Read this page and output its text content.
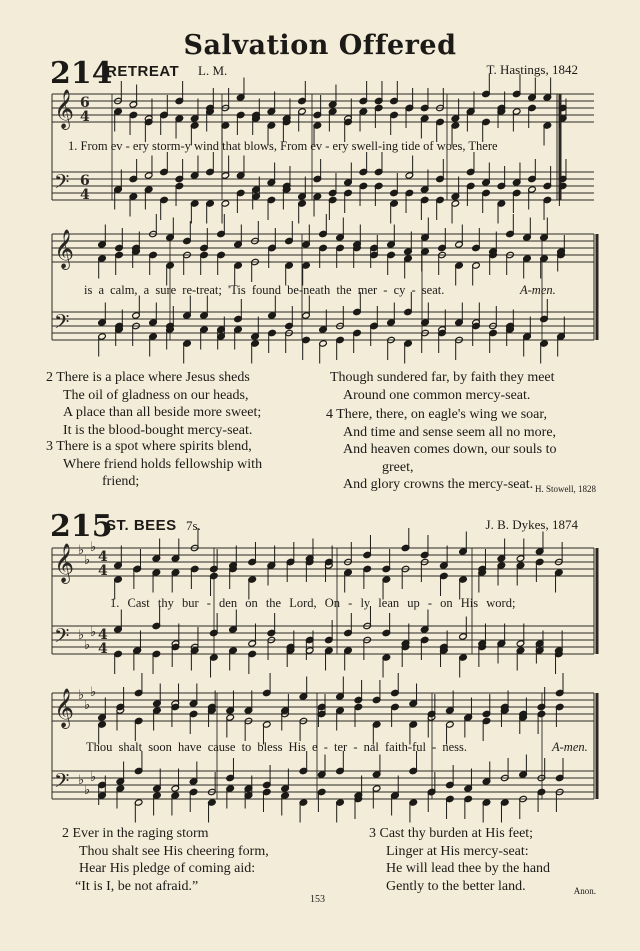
Salvation Offered
214
RETREAT L. M.	T. Hastings, 1842
𝄞 6
4
𝄢 6
4
1. From ev - ery storm-y wind that blows, From ev - ery swell-ing tide of woes, There
𝄞
𝄢
is a calm, a sure re-treat; 'Tis found be-neath the mer - cy - seat.	A-men.
2 There is a place where Jesus sheds
The oil of gladness on our heads,
A place than all beside more sweet;
It is the blood-bought mercy-seat.
3 There is a spot where spirits blend,
Where friend holds fellowship with
friend;
Though sundered far, by faith they meet
Around one common mercy-seat.
4 There, there, on eagle's wing we soar,
And time and sense seem all no more,
And heaven comes down, our souls to
greet,
And glory crowns the mercy-seat. H. Stowell, 1828
215
ST. BEES 7s.	J. B. Dykes, 1874
𝄞 ♭
♭
♭
4
4
𝄢 ♭
♭
♭ 4
4
1. Cast thy bur - den on the Lord, On - ly lean up - on His word;
𝄞 ♭
♭
♭
𝄢 ♭
♭
♭
Thou shalt soon have cause to bless His e - ter - nal faith-ful - ness.	A-men.
2 Ever in the raging storm
Thou shalt see His cheering form,
Hear His pledge of coming aid:
“It is I, be not afraid.”
3 Cast thy burden at His feet;
Linger at His mercy-seat:
He will lead thee by the hand
Gently to the better land.	Anon.
153
